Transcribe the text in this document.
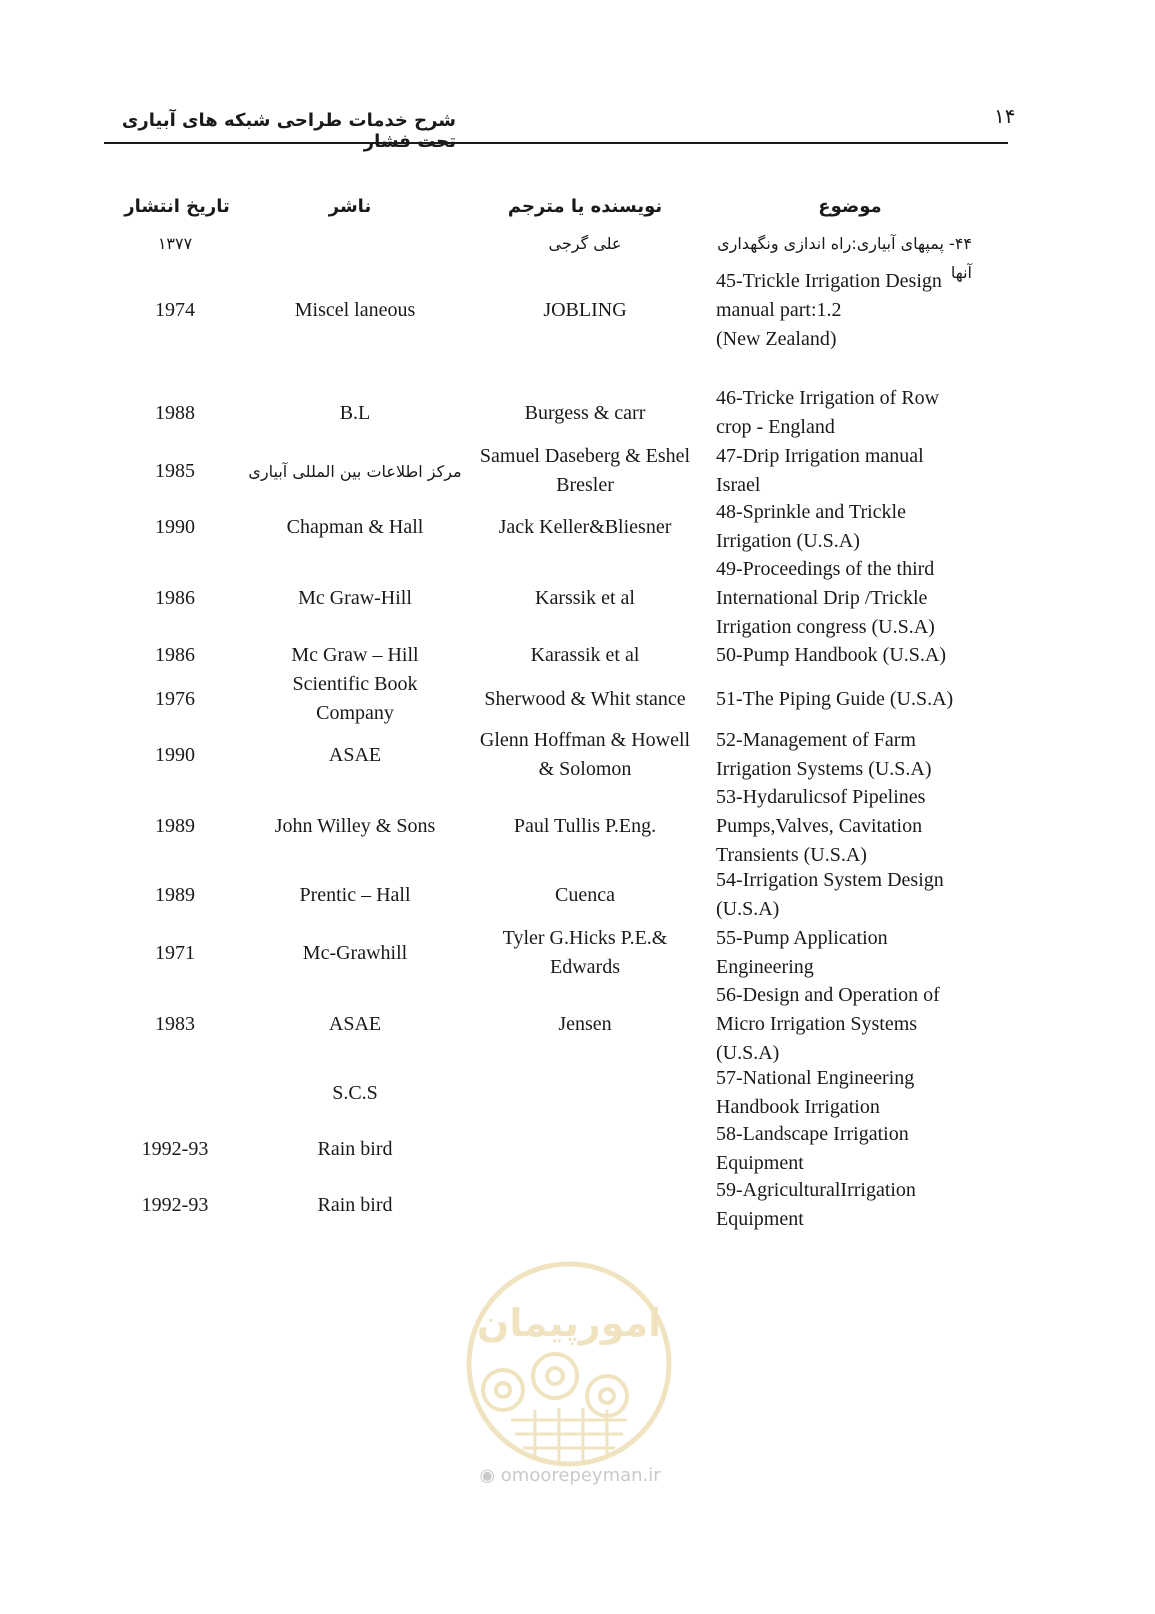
۱۴
شرح خدمات طراحی شبکه های آبیاری تحت فشار
موضوع
نویسنده یا مترجم
ناشر
تاریخ انتشار
۴۴- پمپهای آبیاری:راه اندازی ونگهداری آنها
علی گرجی
۱۳۷۷
45-Trickle Irrigation Design
manual part:1.2
(New Zealand)
JOBLING
Miscel laneous
1974
46-Tricke Irrigation of Row
crop - England
Burgess & carr
B.L
1988
47-Drip Irrigation manual
Israel
Samuel Daseberg & Eshel
Bresler
مرکز اطلاعات بین المللی آبیاری
1985
48-Sprinkle and Trickle
Irrigation (U.S.A)
Jack Keller&Bliesner
Chapman & Hall
1990
49-Proceedings of the third
International Drip /Trickle
Irrigation congress (U.S.A)
Karssik et al
Mc Graw-Hill
1986
50-Pump Handbook (U.S.A)
Karassik et al
Mc Graw – Hill
1986
51-The Piping Guide (U.S.A)
Sherwood & Whit stance
Scientific Book
Company
1976
52-Management of Farm
Irrigation Systems (U.S.A)
Glenn Hoffman & Howell
& Solomon
ASAE
1990
53-Hydarulicsof Pipelines
Pumps,Valves, Cavitation
Transients (U.S.A)
Paul Tullis P.Eng.
John Willey & Sons
1989
54-Irrigation System Design
(U.S.A)
Cuenca
Prentic – Hall
1989
55-Pump Application
Engineering
Tyler G.Hicks P.E.&
Edwards
Mc-Grawhill
1971
56-Design and Operation of
Micro Irrigation Systems
(U.S.A)
Jensen
ASAE
1983
57-National Engineering
Handbook Irrigation
S.C.S
58-Landscape Irrigation
Equipment
Rain bird
1992-93
59-AgriculturalIrrigation
Equipment
Rain bird
1992-93
امورپیمان
◉ omoorepeyman.ir
